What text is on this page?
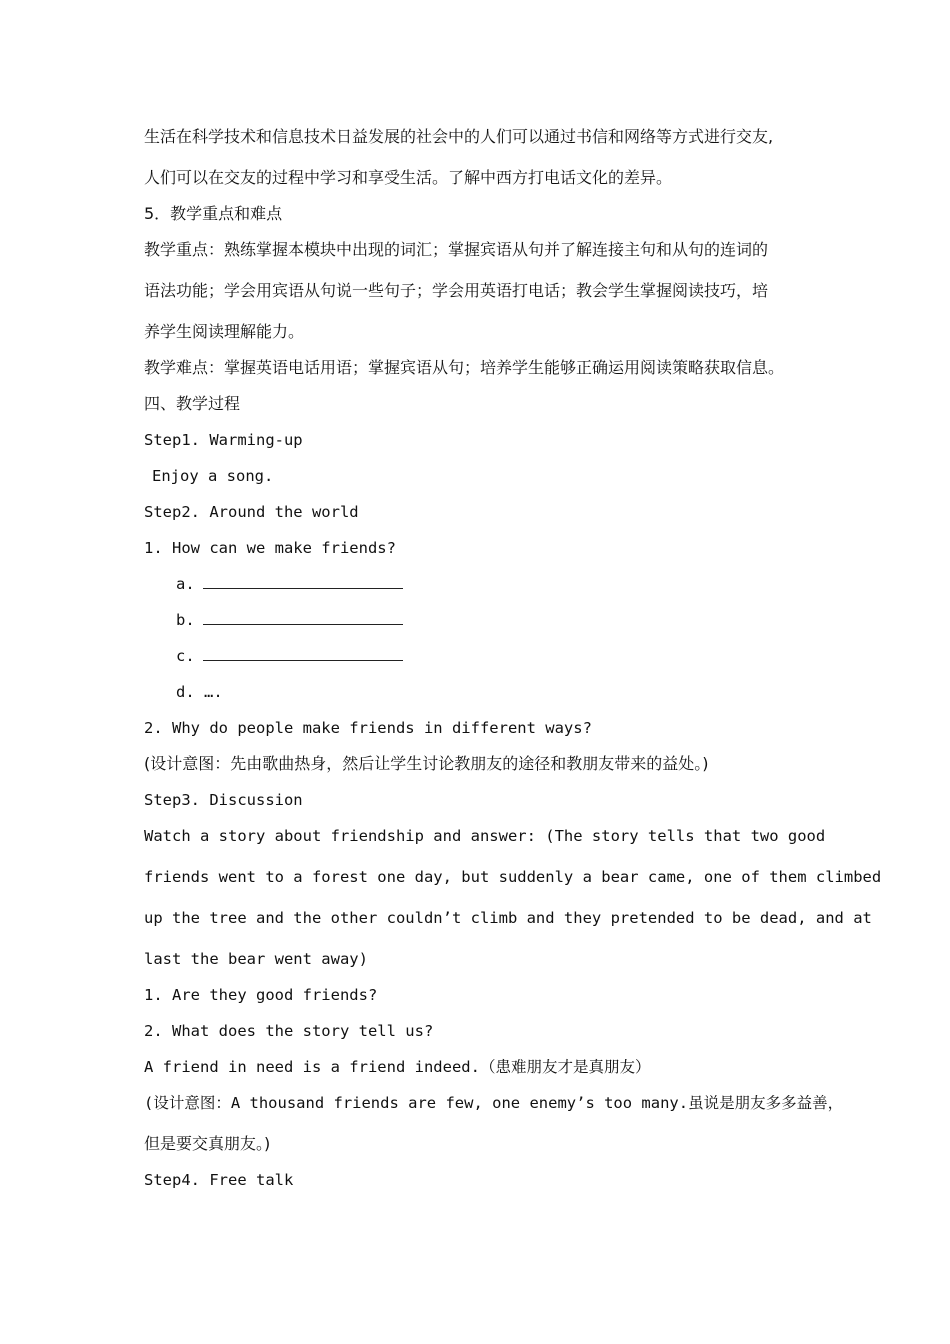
生活在科学技术和信息技术日益发展的社会中的人们可以通过书信和网络等方式进行交友,
人们可以在交友的过程中学习和享受生活。了解中西方打电话文化的差异。
5．教学重点和难点
教学重点：熟练掌握本模块中出现的词汇；掌握宾语从句并了解连接主句和从句的连词的
语法功能；学会用宾语从句说一些句子；学会用英语打电话；教会学生掌握阅读技巧，培
养学生阅读理解能力。
教学难点：掌握英语电话用语；掌握宾语从句；培养学生能够正确运用阅读策略获取信息。
四、教学过程
Step1. Warming-up
Enjoy a song.
Step2. Around the world
1. How can we make friends?
a.
b.
c.
d. ….
2. Why do people make friends in different ways?
(设计意图：先由歌曲热身，然后让学生讨论教朋友的途径和教朋友带来的益处。)
Step3. Discussion
Watch a story about friendship and answer: (The story tells that two good
friends went to a forest one day, but suddenly a bear came, one of them climbed
up the tree and the other couldn’t climb and they pretended to be dead, and at
last the bear went away)
1. Are they good friends?
2. What does the story tell us?
A friend in need is a friend indeed.（患难朋友才是真朋友）
(设计意图：A thousand friends are few, one enemy’s too many.虽说是朋友多多益善，
但是要交真朋友。)
Step4. Free talk
